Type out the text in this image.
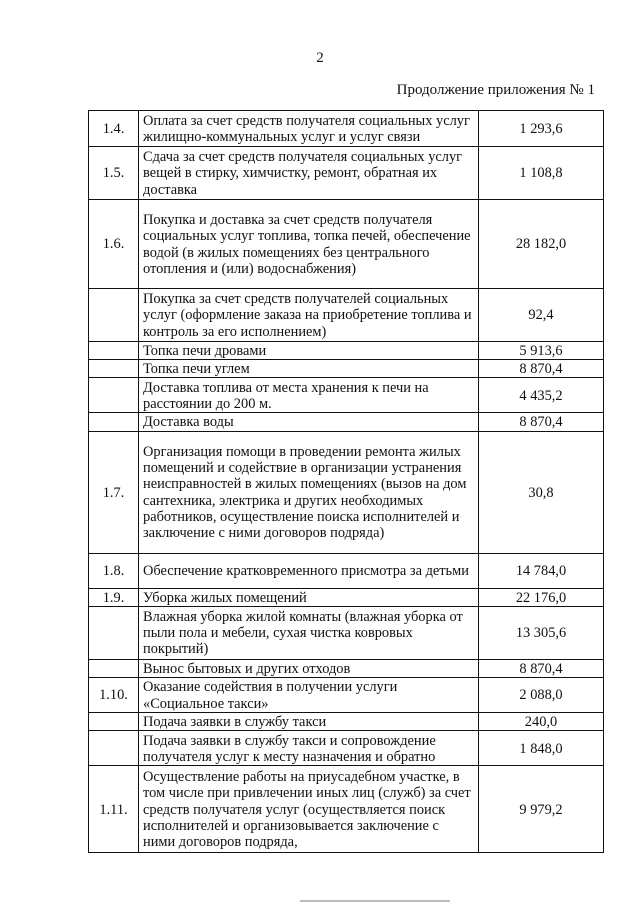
2
Продолжение приложения № 1
1.4.	Оплата за счет средств получателя социальных услуг жилищно-коммунальных услуг и услуг связи	1 293,6
1.5.	Сдача за счет средств получателя социальных услуг вещей в стирку, химчистку, ремонт, обратная их доставка	1 108,8
1.6.	Покупка и доставка за счет средств получателя социальных услуг топлива, топка печей, обеспечение водой (в жилых помещениях без центрального отопления и (или) водоснабжения)	28 182,0
	Покупка за счет средств получателей социальных услуг (оформление заказа на приобретение топлива и контроль за его исполнением)	92,4
	Топка печи дровами	5 913,6
	Топка печи углем	8 870,4
	Доставка топлива от места хранения к печи на расстоянии до 200 м.	4 435,2
	Доставка воды	8 870,4
1.7.	Организация помощи в проведении ремонта жилых помещений и содействие в организации устранения неисправностей в жилых помещениях (вызов на дом сантехника, электрика и других необходимых работников, осуществление поиска исполнителей и заключение с ними договоров подряда)	30,8
1.8.	Обеспечение кратковременного присмотра за детьми	14 784,0
1.9.	Уборка жилых помещений	22 176,0
	Влажная уборка жилой комнаты (влажная уборка от пыли пола и мебели, сухая чистка ковровых покрытий)	13 305,6
	Вынос бытовых и других отходов	8 870,4
1.10.	Оказание содействия в получении услуги «Социальное такси»	2 088,0
	Подача заявки в службу такси	240,0
	Подача заявки в службу такси и сопровождение получателя услуг к месту назначения и обратно	1 848,0
1.11.	Осуществление работы на приусадебном участке, в том числе при привлечении иных лиц (служб) за счет средств получателя услуг (осуществляется поиск исполнителей и организовывается заключение с ними договоров подряда,	9 979,2
